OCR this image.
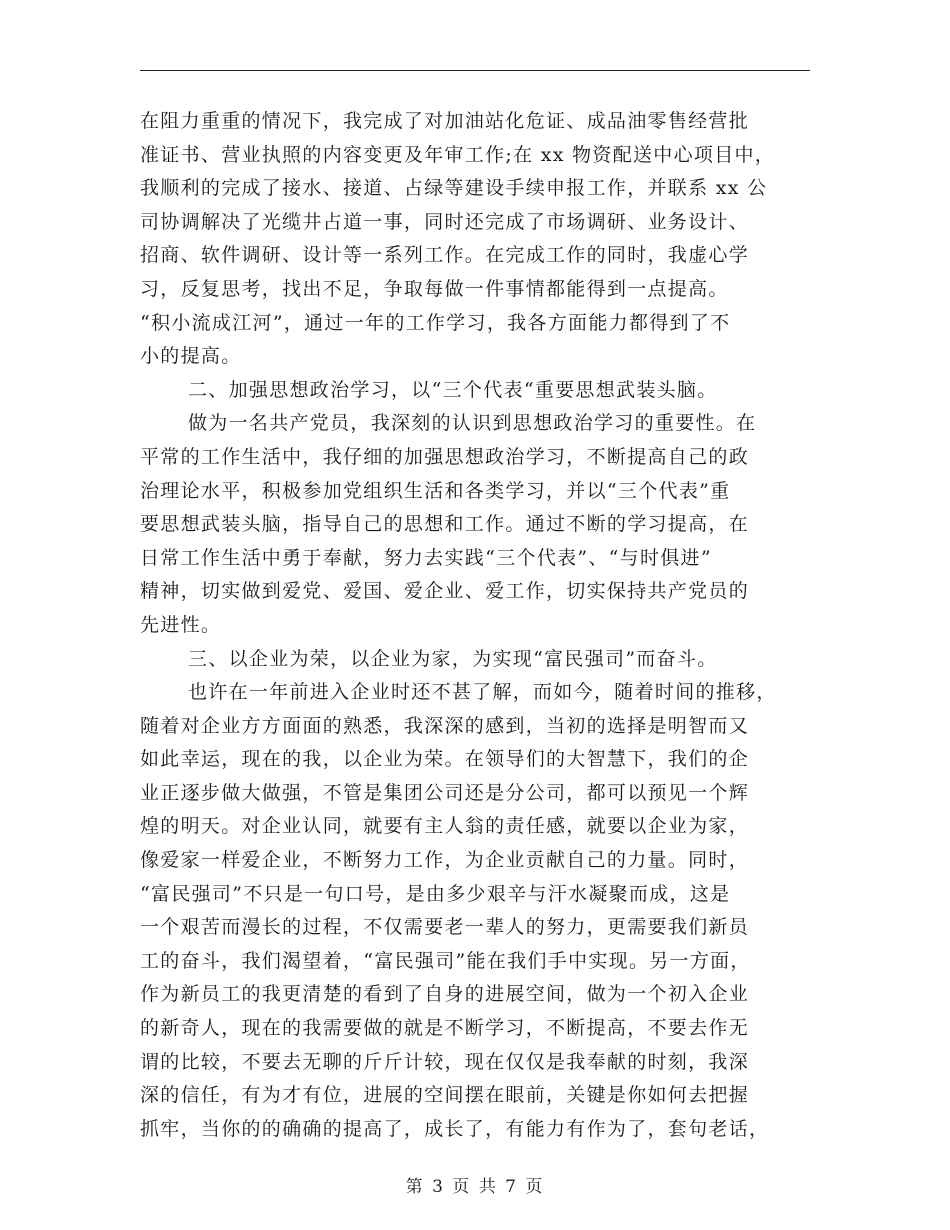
在阻力重重的情况下，我完成了对加油站化危证、成品油零售经营批
准证书、营业执照的内容变更及年审工作;在 xx 物资配送中心项目中，
我顺利的完成了接水、接道、占绿等建设手续申报工作，并联系 xx 公
司协调解决了光缆井占道一事，同时还完成了市场调研、业务设计、
招商、软件调研、设计等一系列工作。在完成工作的同时，我虚心学
习，反复思考，找出不足，争取每做一件事情都能得到一点提高。
“积小流成江河”，通过一年的工作学习，我各方面能力都得到了不
小的提高。
二、加强思想政治学习，以“三个代表“重要思想武装头脑。
做为一名共产党员，我深刻的认识到思想政治学习的重要性。在
平常的工作生活中，我仔细的加强思想政治学习，不断提高自己的政
治理论水平，积极参加党组织生活和各类学习，并以“三个代表”重
要思想武装头脑，指导自己的思想和工作。通过不断的学习提高，在
日常工作生活中勇于奉献，努力去实践“三个代表”、“与时俱进”
精神，切实做到爱党、爱国、爱企业、爱工作，切实保持共产党员的
先进性。
三、以企业为荣，以企业为家，为实现“富民强司”而奋斗。
也许在一年前进入企业时还不甚了解，而如今，随着时间的推移，
随着对企业方方面面的熟悉，我深深的感到，当初的选择是明智而又
如此幸运，现在的我，以企业为荣。在领导们的大智慧下，我们的企
业正逐步做大做强，不管是集团公司还是分公司，都可以预见一个辉
煌的明天。对企业认同，就要有主人翁的责任感，就要以企业为家，
像爱家一样爱企业，不断努力工作，为企业贡献自己的力量。同时，
“富民强司”不只是一句口号，是由多少艰辛与汗水凝聚而成，这是
一个艰苦而漫长的过程，不仅需要老一辈人的努力，更需要我们新员
工的奋斗，我们渴望着，“富民强司”能在我们手中实现。另一方面，
作为新员工的我更清楚的看到了自身的进展空间，做为一个初入企业
的新奇人，现在的我需要做的就是不断学习，不断提高，不要去作无
谓的比较，不要去无聊的斤斤计较，现在仅仅是我奉献的时刻，我深
深的信任，有为才有位，进展的空间摆在眼前，关键是你如何去把握
抓牢，当你的的确确的提高了，成长了，有能力有作为了，套句老话，
第 3 页 共 7 页
